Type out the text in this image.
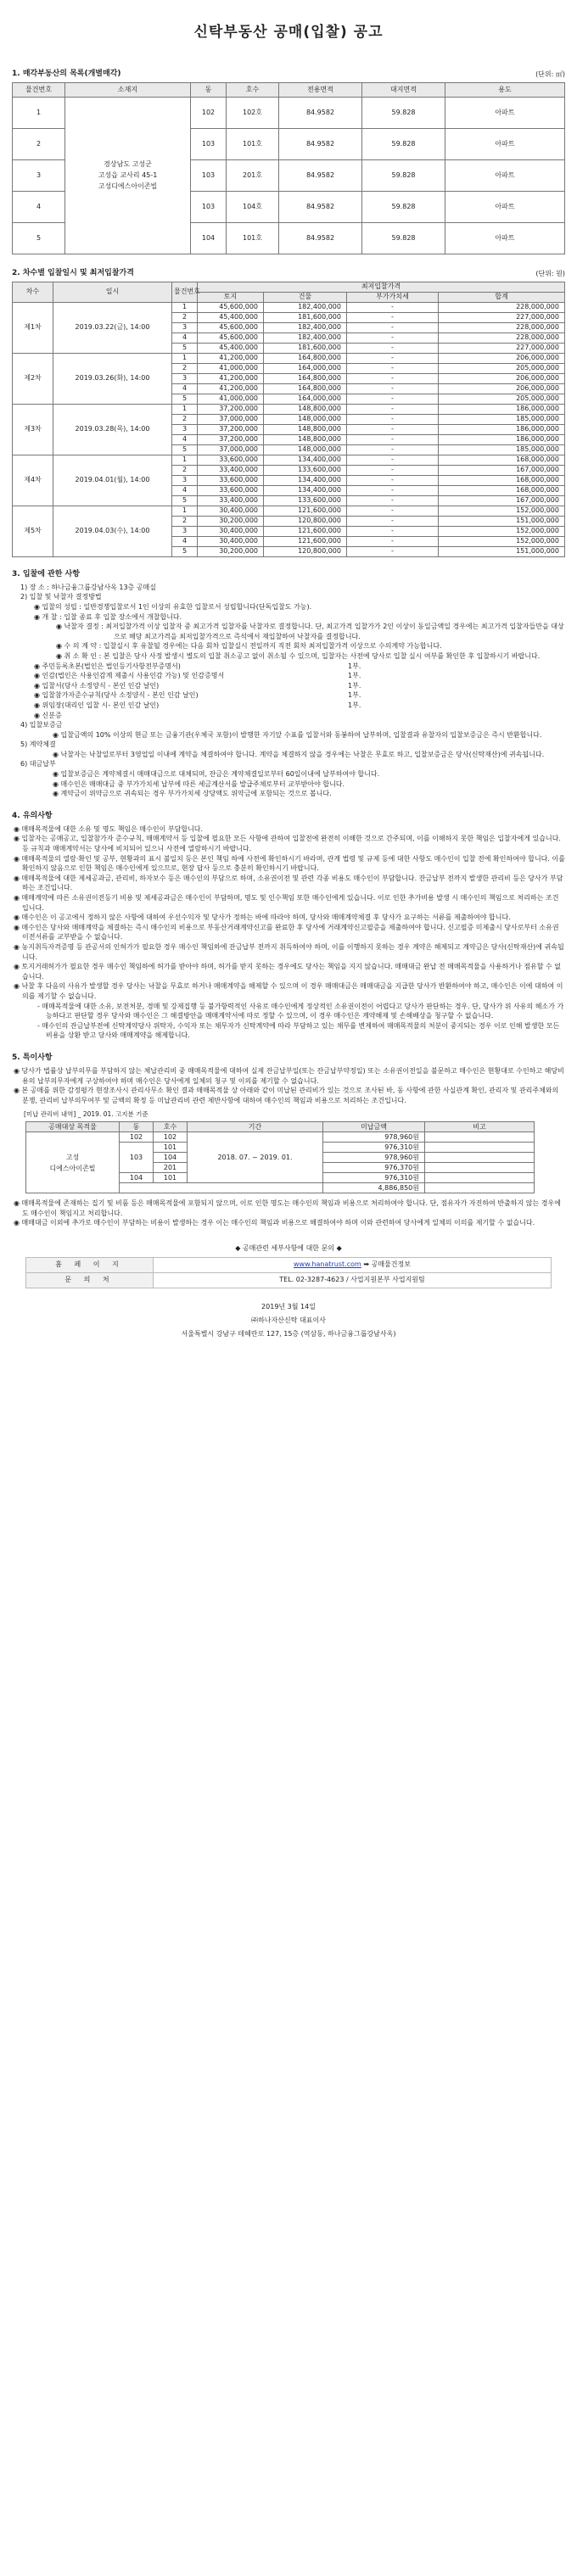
신탁부동산 공매(입찰) 공고
1. 매각부동산의 목록(개별매각)	(단위: ㎡)
물건번호	소재지	동	호수	전용면적	대지면적	용도
1	경상남도 고성군
고성읍 교사리 45-1
고성디에스아이존빌	102	102호	84.9582	59.828	아파트
2		103	101호	84.9582	59.828	아파트
3		103	201호	84.9582	59.828	아파트
4		103	104호	84.9582	59.828	아파트
5		104	101호	84.9582	59.828	아파트
2. 차수별 입찰일시 및 최저입찰가격	(단위: 원)
차수	일시	물건번호	최저입찰가격			
			토지	건물	부가가치세	합계
제1차	2019.03.22(금), 14:00	1	45,600,000	182,400,000	-	228,000,000
		2	45,400,000	181,600,000	-	227,000,000
		3	45,600,000	182,400,000	-	228,000,000
		4	45,600,000	182,400,000	-	228,000,000
		5	45,400,000	181,600,000	-	227,000,000
제2차	2019.03.26(화), 14:00	1	41,200,000	164,800,000	-	206,000,000
		2	41,000,000	164,000,000	-	205,000,000
		3	41,200,000	164,800,000	-	206,000,000
		4	41,200,000	164,800,000	-	206,000,000
		5	41,000,000	164,000,000	-	205,000,000
제3차	2019.03.28(목), 14:00	1	37,200,000	148,800,000	-	186,000,000
		2	37,000,000	148,000,000	-	185,000,000
		3	37,200,000	148,800,000	-	186,000,000
		4	37,200,000	148,800,000	-	186,000,000
		5	37,000,000	148,000,000	-	185,000,000
제4차	2019.04.01(월), 14:00	1	33,600,000	134,400,000	-	168,000,000
		2	33,400,000	133,600,000	-	167,000,000
		3	33,600,000	134,400,000	-	168,000,000
		4	33,600,000	134,400,000	-	168,000,000
		5	33,400,000	133,600,000	-	167,000,000
제5차	2019.04.03(수), 14:00	1	30,400,000	121,600,000	-	152,000,000
		2	30,200,000	120,800,000	-	151,000,000
		3	30,400,000	121,600,000	-	152,000,000
		4	30,400,000	121,600,000	-	152,000,000
		5	30,200,000	120,800,000	-	151,000,000
3. 입찰에 관한 사항

1) 장 소 : 하나금융그룹강남사옥 13층 공매실

2) 입찰 및 낙찰자 결정방법

◉ 입찰의 성립 : 일반경쟁입찰로서 1인 이상의 유효한 입찰로서 성립합니다(단독입찰도 가능).

◉ 개 찰 : 입찰 종료 후 입찰 장소에서 개찰합니다.

◉ 낙찰자 결정 : 최저입찰가격 이상 입찰자 중 최고가격 입찰자를 낙찰자로 결정합니다. 단, 최고가격 입찰가가 2인 이상이 동일금액일 경우에는 최고가격 입찰자들만을 대상으로 해당 최고가격을 최저입찰가격으로 즉석에서 재입찰하여 낙찰자를 결정합니다.

◉ 수 의 계 약 : 입찰실시 후 유찰될 경우에는 다음 회차 입찰실시 전일까지 직전 회차 최저입찰가격 이상으로 수의계약 가능합니다.

◉ 취 소 확 인 : 본 입찰은 당사 사정 발생시 별도의 입찰 취소공고 없이 취소될 수 있으며, 입찰자는 사전에 당사로 입찰 실시 여부를 확인한 후 입찰하시기 바랍니다.

◉ 주민등록초본(법인은 법인등기사항전부증명서)	1부.
◉ 인감(법인은 사용인감계 제출시 사용인감 가능) 및 인감증명서	1부.
◉ 입찰서(당사 소정양식 - 본인 인감 날인)	1부.
◉ 입찰참가자준수규칙(당사 소정양식 - 본인 인감 날인)	1부.
◉ 위임장(대리인 입찰 시- 본인 인감 날인)	1부.

◉ 신분증

4) 입찰보증금

◉ 입찰금액의 10% 이상의 현금 또는 금융기관(우체국 포함)이 발행한 자기앞 수표를 입찰서와 동봉하여 납부하며, 입찰결과 유찰자의 입찰보증금은 즉시 반환합니다.

5) 계약체결

◉ 낙찰자는 낙찰일로부터 3영업일 이내에 계약을 체결하여야 합니다. 계약을 체결하지 않을 경우에는 낙찰은 무효로 하고, 입찰보증금은 당사(신탁재산)에 귀속됩니다.

6) 대금납부

◉ 입찰보증금은 계약체결시 매매대금으로 대체되며, 잔금은 계약체결일로부터 60일이내에 납부하여야 합니다.

◉ 매수인은 매매대금 중 부가가치세 납부에 따른 세금계산서를 발급주체로부터 교부받아야 합니다.

◉ 계약금이 위약금으로 귀속되는 경우 부가가치세 상당액도 위약금에 포함되는 것으로 봅니다.

4. 유의사항

◉ 매매목적물에 대한 소유 및 명도 책임은 매수인이 부담합니다.

◉ 입찰자는 공매공고, 입찰참가자 준수규칙, 매매계약서 등 입찰에 필요한 모든 사항에 관하여 입찰전에 완전히 이해한 것으로 간주되며, 이를 이해하지 못한 책임은 입찰자에게 있습니다. 등 규칙과 매매계약서는 당사에 비치되어 있으니 사전에 열람하시기 바랍니다.

◉ 매매목적물의 열람·확인 및 공부, 현황과의 표시 불일치 등은 본인 책임 하에 사전에 확인하시기 바라며, 관계 법령 및 규제 등에 대한 사항도 매수인이 입찰 전에 확인하여야 합니다. 이를 확인하지 않음으로 인한 책임은 매수인에게 있으므로, 현장 답사 등으로 충분히 확인하시기 바랍니다.

◉ 매매목적물에 대한 제세공과금, 관리비, 하자보수 등은 매수인의 부담으로 하며, 소유권이전 및 관련 각종 비용도 매수인이 부담합니다. 잔금납부 전까지 발생한 관리비 등은 당사가 부담하는 조건입니다.

◉ 매매계약에 따른 소유권이전등기 비용 및 제세공과금은 매수인이 부담하며, 명도 및 인수책임 또한 매수인에게 있습니다. 이로 인한 추가비용 발생 시 매수인의 책임으로 처리하는 조건입니다.

◉ 매수인은 이 공고에서 정하지 않은 사항에 대하여 우선수익자 및 당사가 정하는 바에 따라야 하며, 당사와 매매계약체결 후 당사가 요구하는 서류를 제출하여야 합니다.

◉ 매수인은 당사와 매매계약을 체결하는 즉시 매수인의 비용으로 부동산거래계약신고를 완료한 후 당사에 거래계약신고필증을 제출하여야 합니다. 신고필증 미제출시 당사로부터 소유권이전서류를 교부받을 수 없습니다.

◉ 농지취득자격증명 등 관공서의 인허가가 필요한 경우 매수인 책임하에 잔금납부 전까지 취득하여야 하며, 이를 이행하지 못하는 경우 계약은 해제되고 계약금은 당사(신탁재산)에 귀속됩니다.

◉ 토지거래허가가 필요한 경우 매수인 책임하에 허가를 받아야 하며, 허가를 받지 못하는 경우에도 당사는 책임을 지지 않습니다. 매매대금 완납 전 매매목적물을 사용하거나 점유할 수 없습니다.

◉ 낙찰 후 다음의 사유가 발생할 경우 당사는 낙찰을 무효로 하거나 매매계약을 해제할 수 있으며 이 경우 매매대금은 매매대금을 지급한 당사가 반환하여야 하고, 매수인은 이에 대하여 이의를 제기할 수 없습니다.

- 매매목적물에 대한 소유, 보전처분, 경매 및 강제집행 등 불가항력적인 사유로 매수인에게 정상적인 소유권이전이 어렵다고 당사가 판단하는 경우. 단, 당사가 위 사유의 해소가 가능하다고 판단할 경우 당사와 매수인은 그 해결방안을 매매계약서에 따로 정할 수 있으며, 이 경우 매수인은 계약해제 및 손해배상을 청구할 수 없습니다.

- 매수인의 잔금납부전에 신탁계약당사 위탁자, 수익자 또는 채무자가 신탁계약에 따라 부담하고 있는 채무를 변제하여 매매목적물의 처분이 중지되는 경우 이로 인해 발생한 모든 비용을 상환 받고 당사와 매매계약을 해제합니다.

5. 특이사항

◉ 당사가 법률상 납부의무를 부담하지 않는 체납관리비 중 매매목적물에 대하여 실제 잔금납부일(또는 잔금납부약정일) 또는 소유권이전일을 불문하고 매수인은 현황대로 수인하고 해당비용의 납부의무자에게 구상하여야 하며 매수인은 당사에게 일체의 청구 및 이의를 제기할 수 없습니다.

◉ 본 공매를 위한 감정평가 현장조사시 관리사무소 확인 결과 매매목적물 상 아래와 같이 미납된 관리비가 있는 것으로 조사된 바, 동 사항에 관한 사실관계 확인, 관리자 및 관리주체와의 분쟁, 관리비 납부의무여부 및 금액의 확정 등 미납관리비 관련 제반사항에 대하여 매수인의 책임과 비용으로 처리하는 조건입니다.

[미납 관리비 내역] _ 2019. 01. 고지분 기준
공매대상 목적물	동	호수	기간	미납금액	비고

고성
디에스아이존빌	102	102	2018. 07. ~ 2019. 01.	978,960원	
	103	101		976,310원	
		104		978,960원	
		201		976,370원	
	104	101		976,310원	
				4,886,850원	

◉ 매매목적물에 존재하는 집기 및 비품 등은 매매목적물에 포함되지 않으며, 이로 인한 명도는 매수인의 책임과 비용으로 처리하여야 합니다. 단, 점유자가 자진하여 반출하지 않는 경우에도 매수인이 책임지고 처리합니다.

◉ 매매대금 이외에 추가로 매수인이 부담하는 비용이 발생하는 경우 이는 매수인의 책임과 비용으로 해결하여야 하며 이와 관련하여 당사에게 일체의 이의를 제기할 수 없습니다.

◆ 공매관련 세부사항에 대한 문의 ◆
홈 페 이 지	www.hanatrust.com ➡ 공매물건정보
문 의 처	TEL. 02-3287-4623 / 사업지원본부 사업지원팀
2019년 3월 14일
㈜하나자산신탁 대표이사
서울특별시 강남구 테헤란로 127, 15층 (역삼동, 하나금융그룹강남사옥)
